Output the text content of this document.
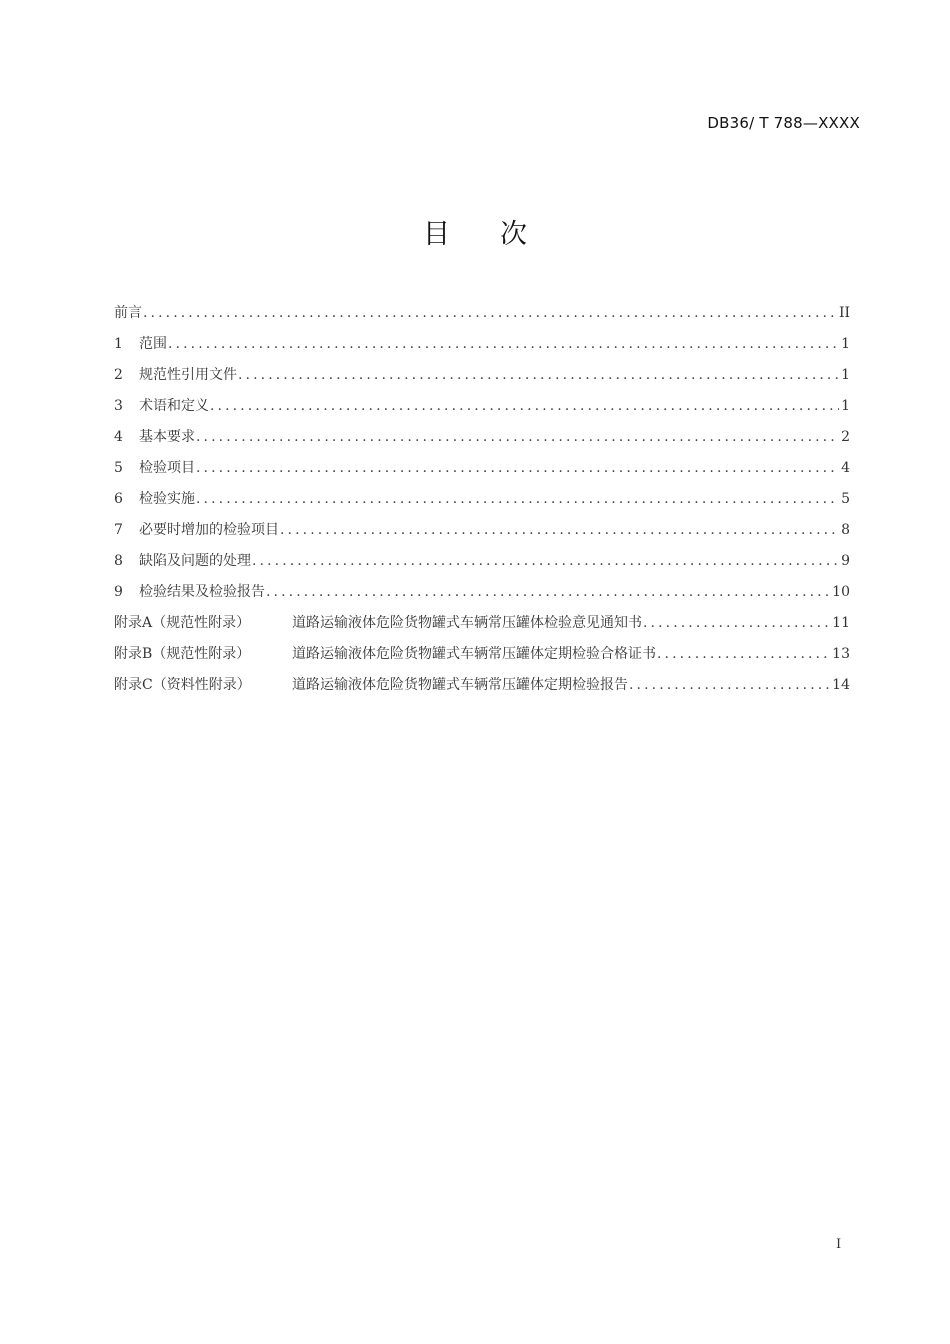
DB36/ T 788—XXXX
目 次
前言 .....	II
1	范围 .....	1
2	规范性引用文件 .....	1
3	术语和定义 .....	1
4	基本要求 .....	2
5	检验项目 .....	4
6	检验实施 .....	5
7	必要时增加的检验项目 .....	8
8	缺陷及问题的处理 .....	9
9	检验结果及检验报告 .....	10
附录A（规范性附录）	道路运输液体危险货物罐式车辆常压罐体检验意见通知书 .....	11
附录B（规范性附录）	道路运输液体危险货物罐式车辆常压罐体定期检验合格证书 .....	13
附录C（资料性附录）	道路运输液体危险货物罐式车辆常压罐体定期检验报告 .....	14
I
